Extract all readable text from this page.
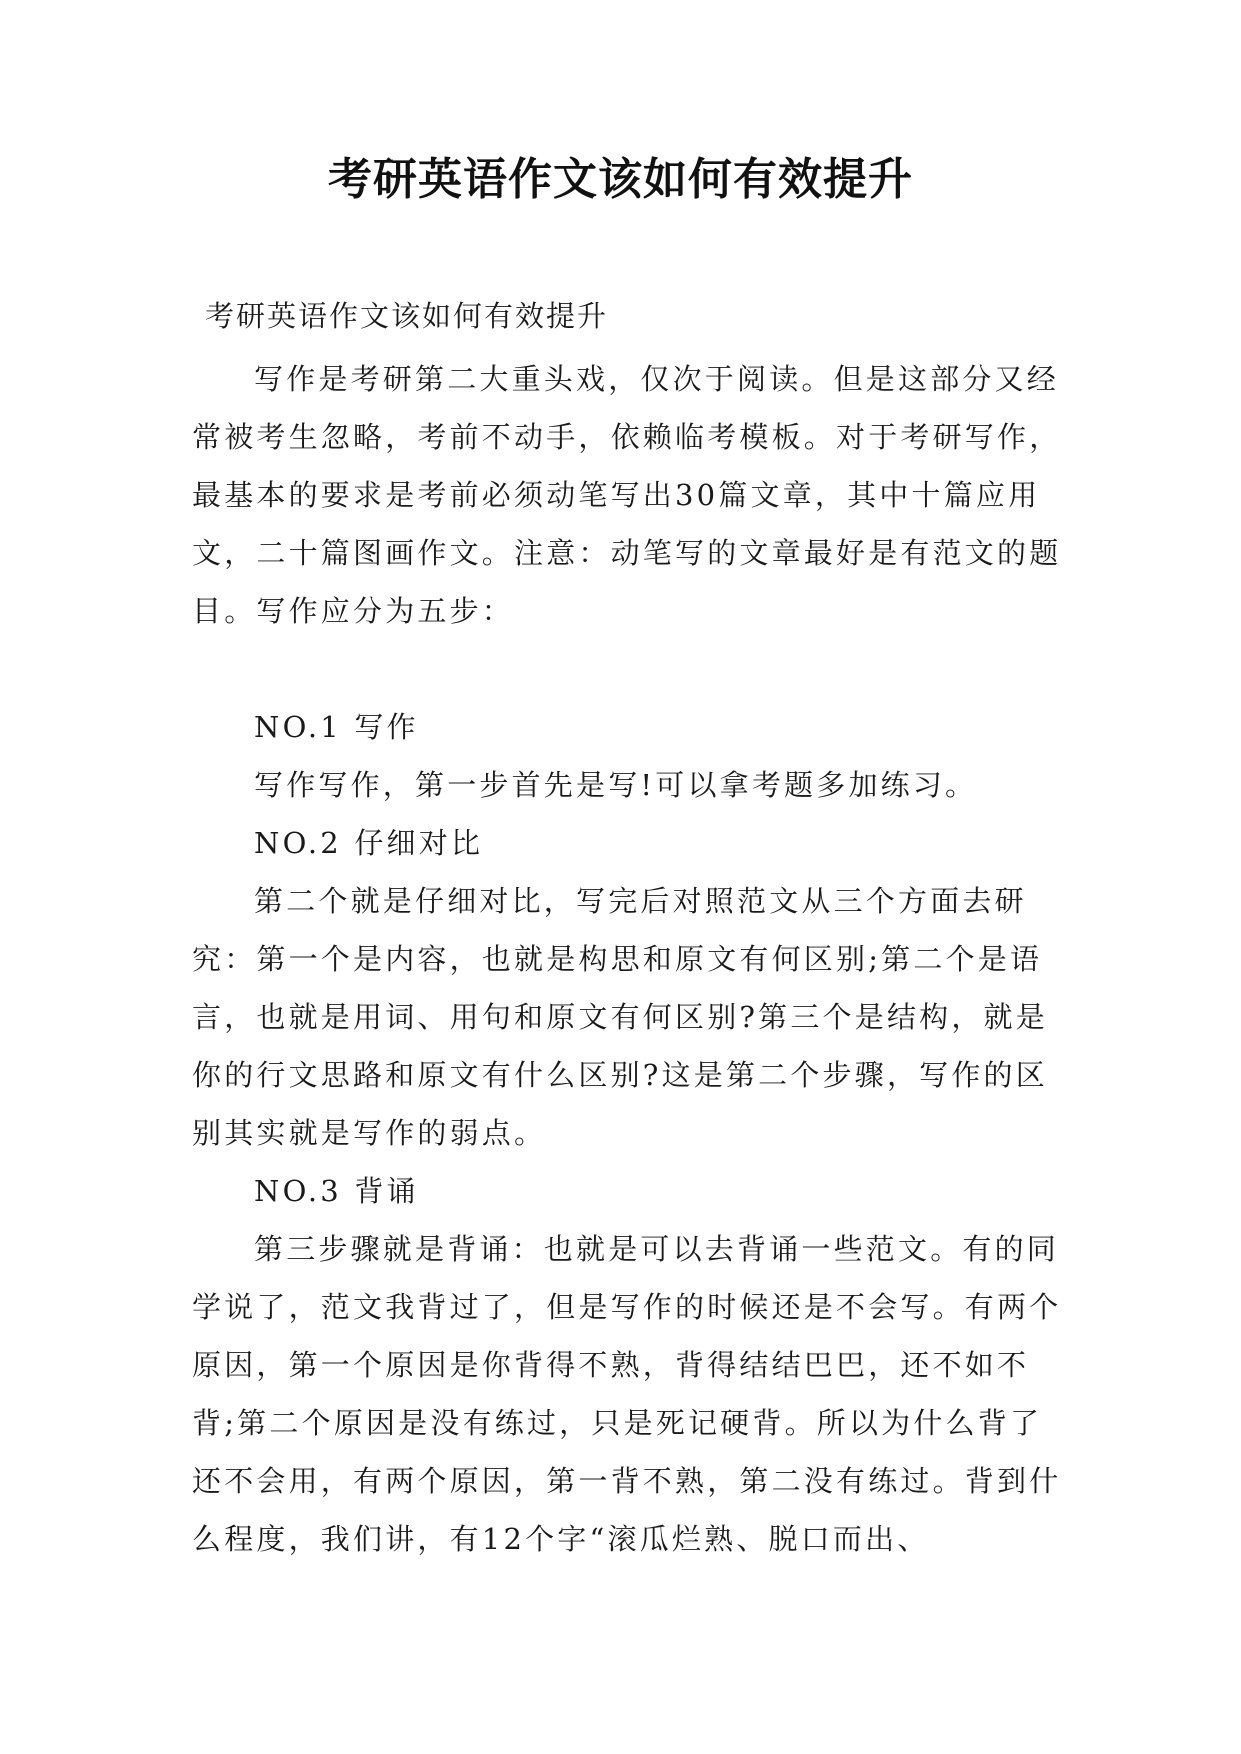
考研英语作文该如何有效提升

考研英语作文该如何有效提升

写作是考研第二大重头戏，仅次于阅读。但是这部分又经常被考生忽略，考前不动手，依赖临考模板。对于考研写作，最基本的要求是考前必须动笔写出30篇文章，其中十篇应用文，二十篇图画作文。注意：动笔写的文章最好是有范文的题目。写作应分为五步：

NO.1 写作

写作写作，第一步首先是写!可以拿考题多加练习。

NO.2 仔细对比

第二个就是仔细对比，写完后对照范文从三个方面去研究：第一个是内容，也就是构思和原文有何区别;第二个是语言，也就是用词、用句和原文有何区别?第三个是结构，就是你的行文思路和原文有什么区别?这是第二个步骤，写作的区别其实就是写作的弱点。

NO.3 背诵

第三步骤就是背诵：也就是可以去背诵一些范文。有的同学说了，范文我背过了，但是写作的时候还是不会写。有两个原因，第一个原因是你背得不熟，背得结结巴巴，还不如不背;第二个原因是没有练过，只是死记硬背。所以为什么背了还不会用，有两个原因，第一背不熟，第二没有练过。背到什么程度，我们讲，有12个字“滚瓜烂熟、脱口而出、
